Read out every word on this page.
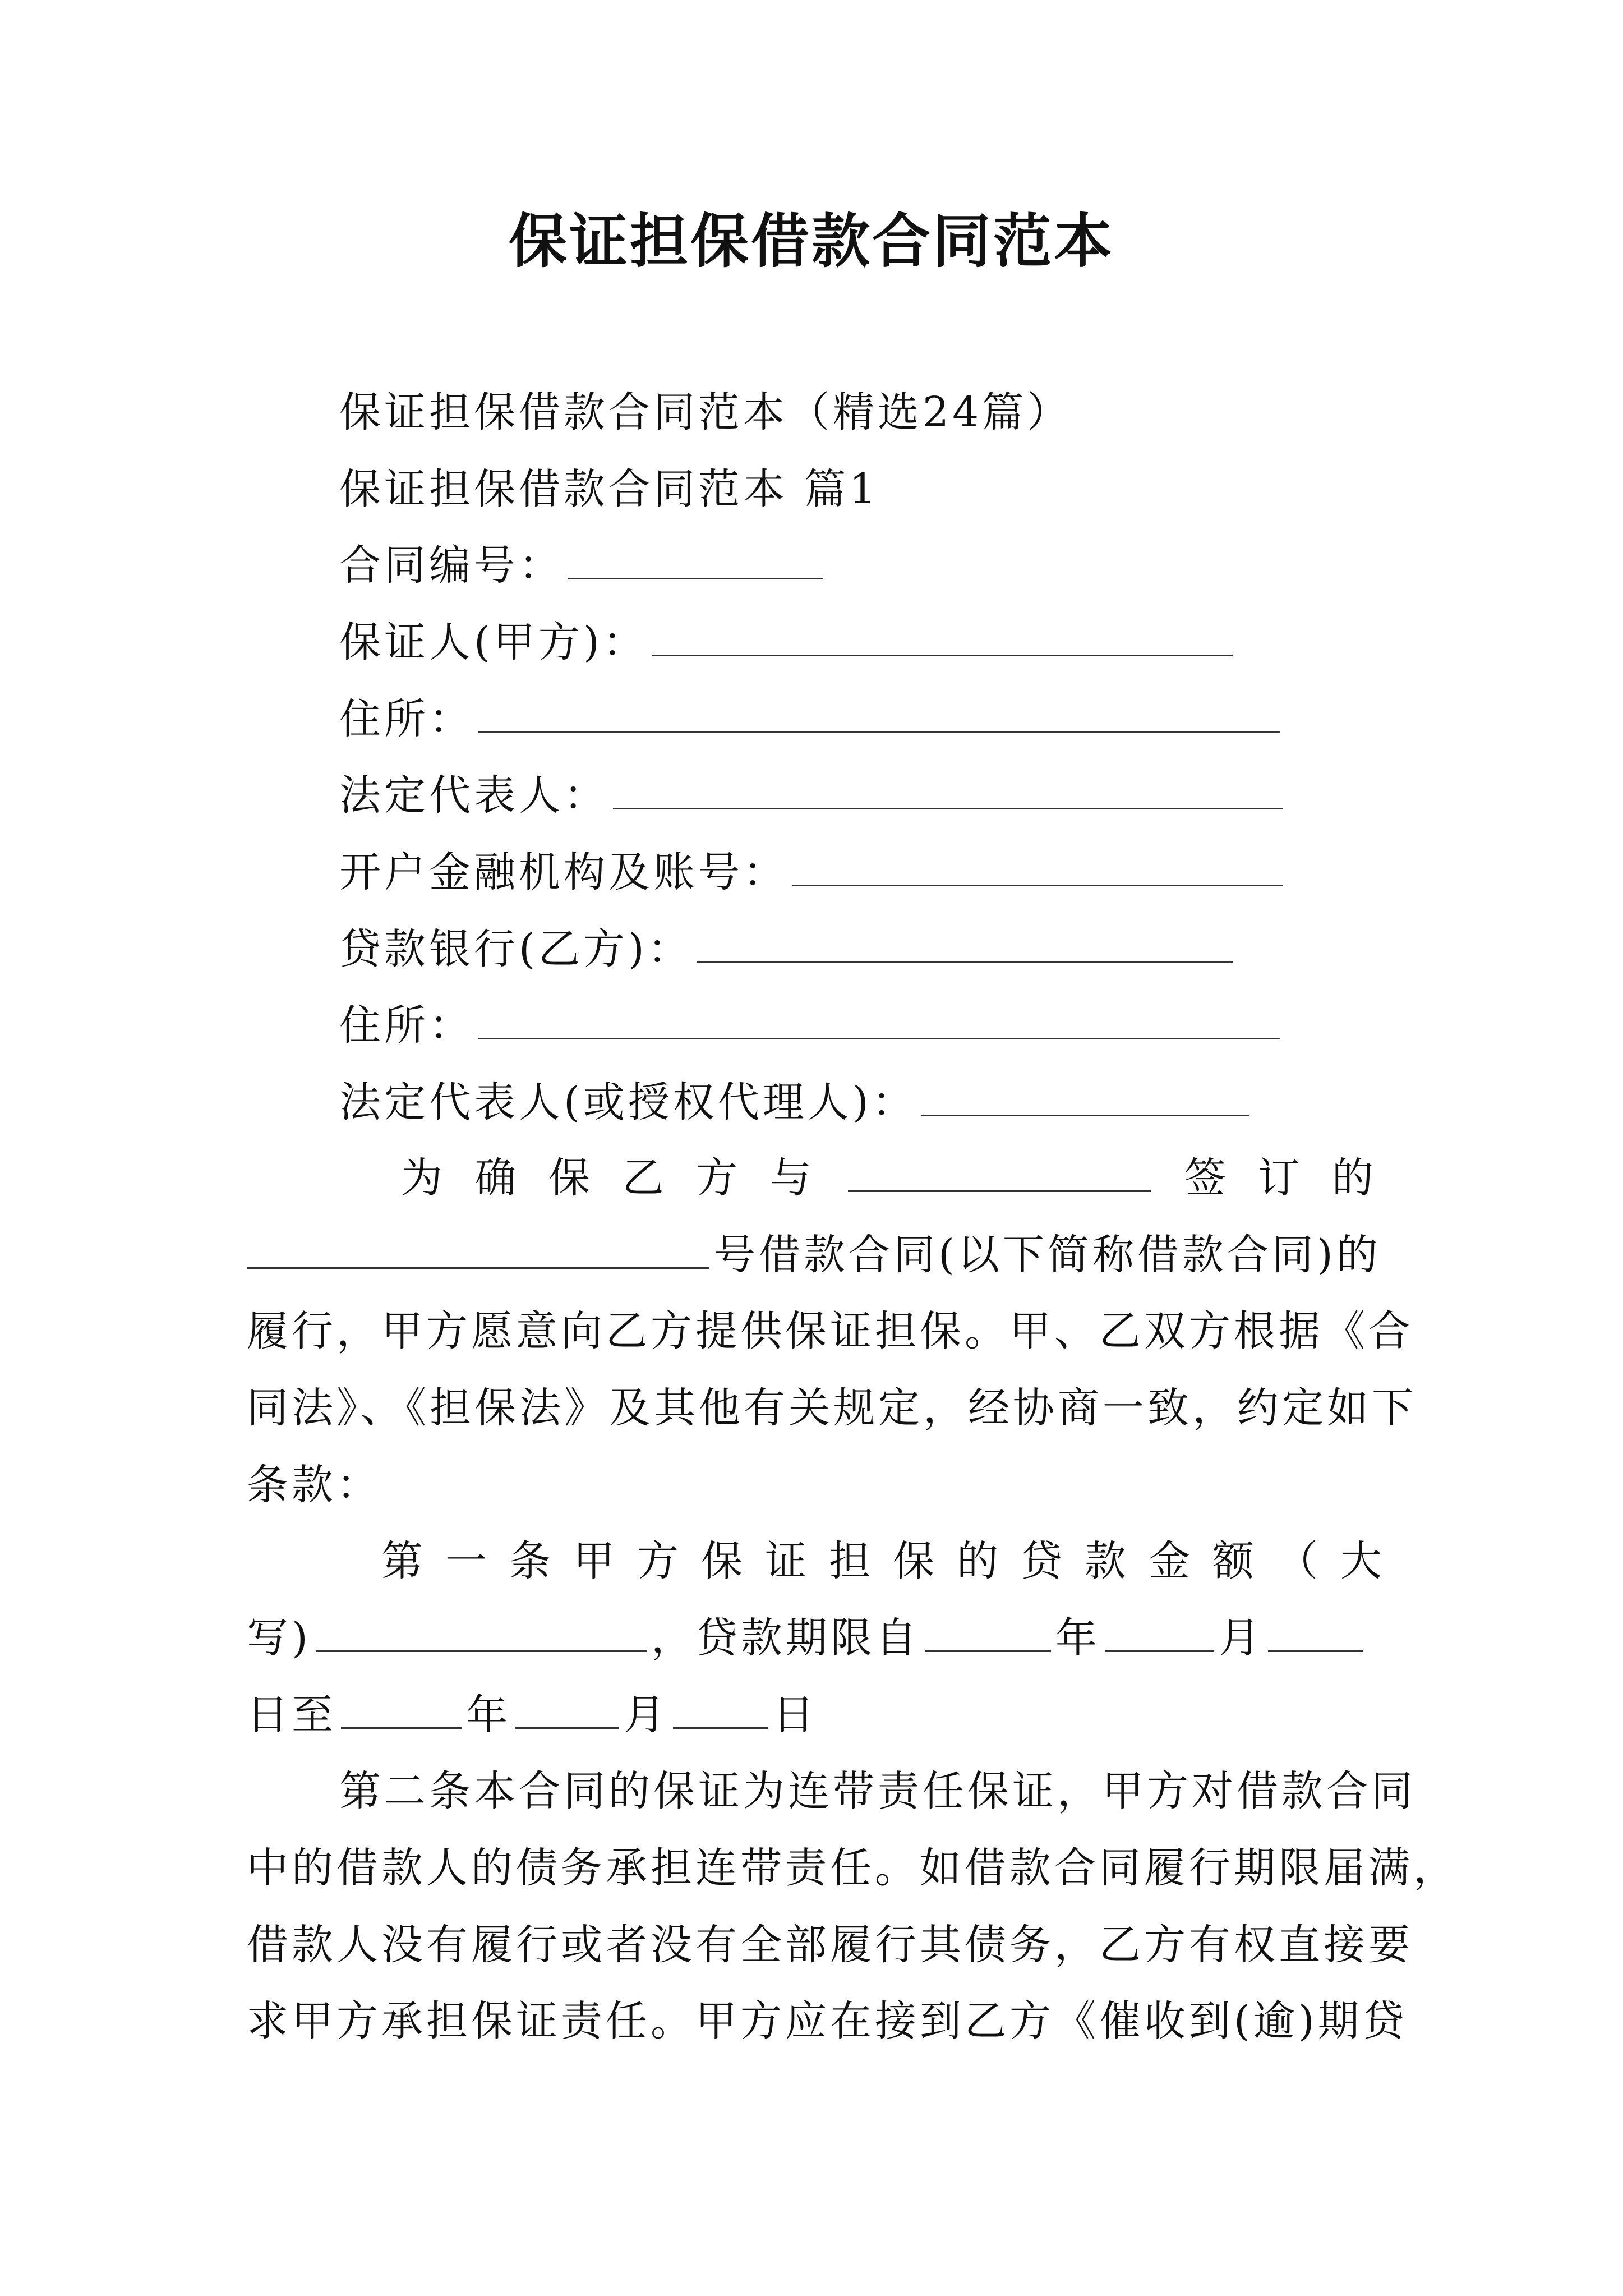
保证担保借款合同范本
保证担保借款合同范本（精选24篇）
保证担保借款合同范本 篇1
合同编号：
保证人(甲方)：
住所：
法定代表人：
开户金融机构及账号：
贷款银行(乙方)：
住所：
法定代表人(或授权代理人)：
为 确 保 乙 方 与	签 订 的
号借款合同(以下简称借款合同)的
履行，甲方愿意向乙方提供保证担保。甲、乙双方根据《合
同法》、《担保法》及其他有关规定，经协商一致，约定如下
条款：
第 一 条 甲 方 保 证 担 保 的 贷 款 金 额 （ 大
写)	，贷款期限自	年	月
日至	年	月	日
第二条本合同的保证为连带责任保证，甲方对借款合同
中的借款人的债务承担连带责任。如借款合同履行期限届满，
借款人没有履行或者没有全部履行其债务，乙方有权直接要
求甲方承担保证责任。甲方应在接到乙方《催收到(逾)期贷
